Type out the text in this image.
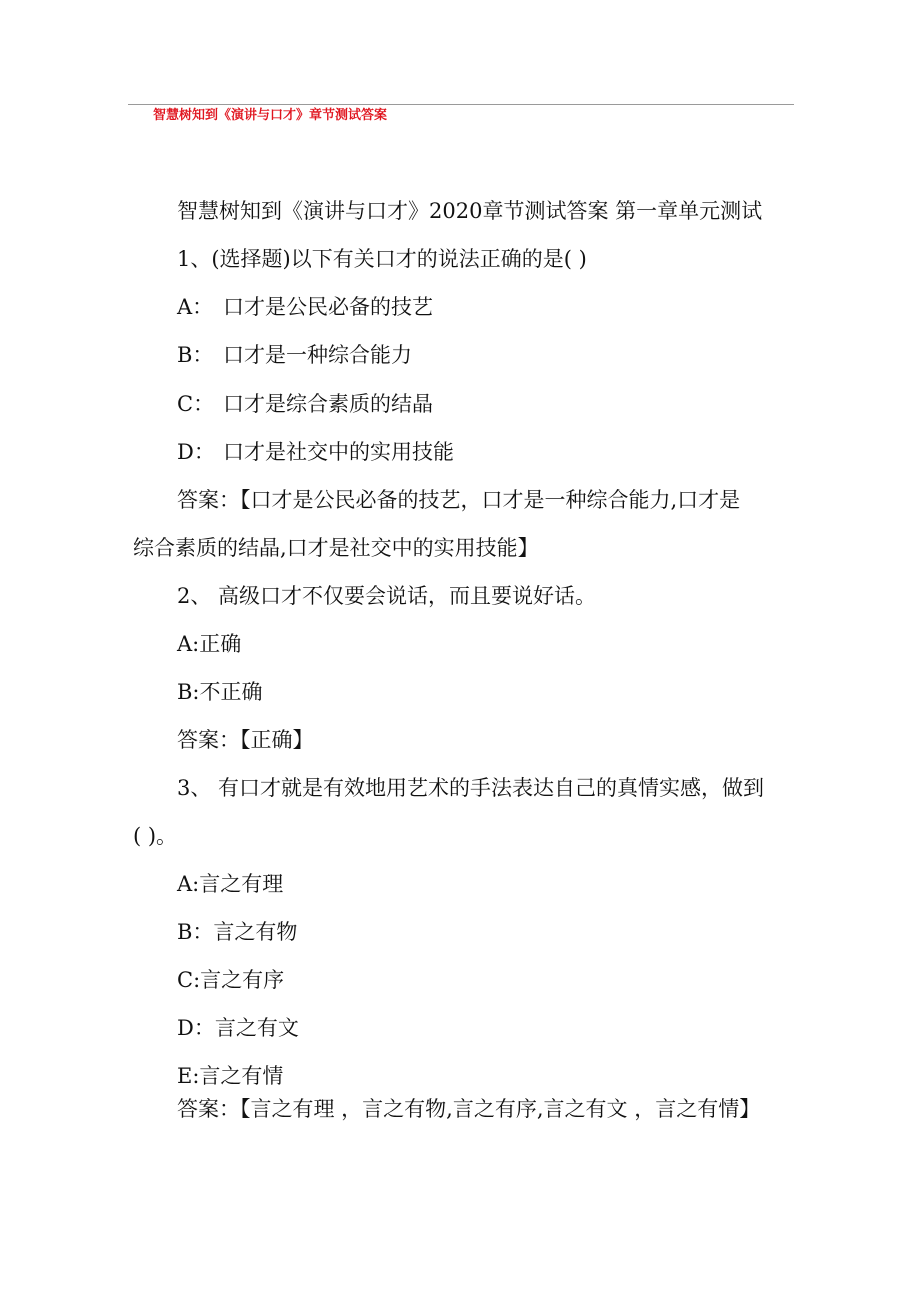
智慧树知到《演讲与口才》章节测试答案
智慧树知到《演讲与口才》2020章节测试答案 第一章单元测试
1、(选择题)以下有关口才的说法正确的是( )
A： 口才是公民必备的技艺
B： 口才是一种综合能力
C： 口才是综合素质的结晶
D： 口才是社交中的实用技能
答案：【口才是公民必备的技艺，口才是一种综合能力,口才是
综合素质的结晶,口才是社交中的实用技能】
2、 高级口才不仅要会说话，而且要说好话。
A:正确
B:不正确
答案：【正确】
3、 有口才就是有效地用艺术的手法表达自己的真情实感，做到
( )。
A:言之有理
B：言之有物
C:言之有序
D：言之有文
E:言之有情
答案：【言之有理 ，言之有物,言之有序,言之有文 ，言之有情】
